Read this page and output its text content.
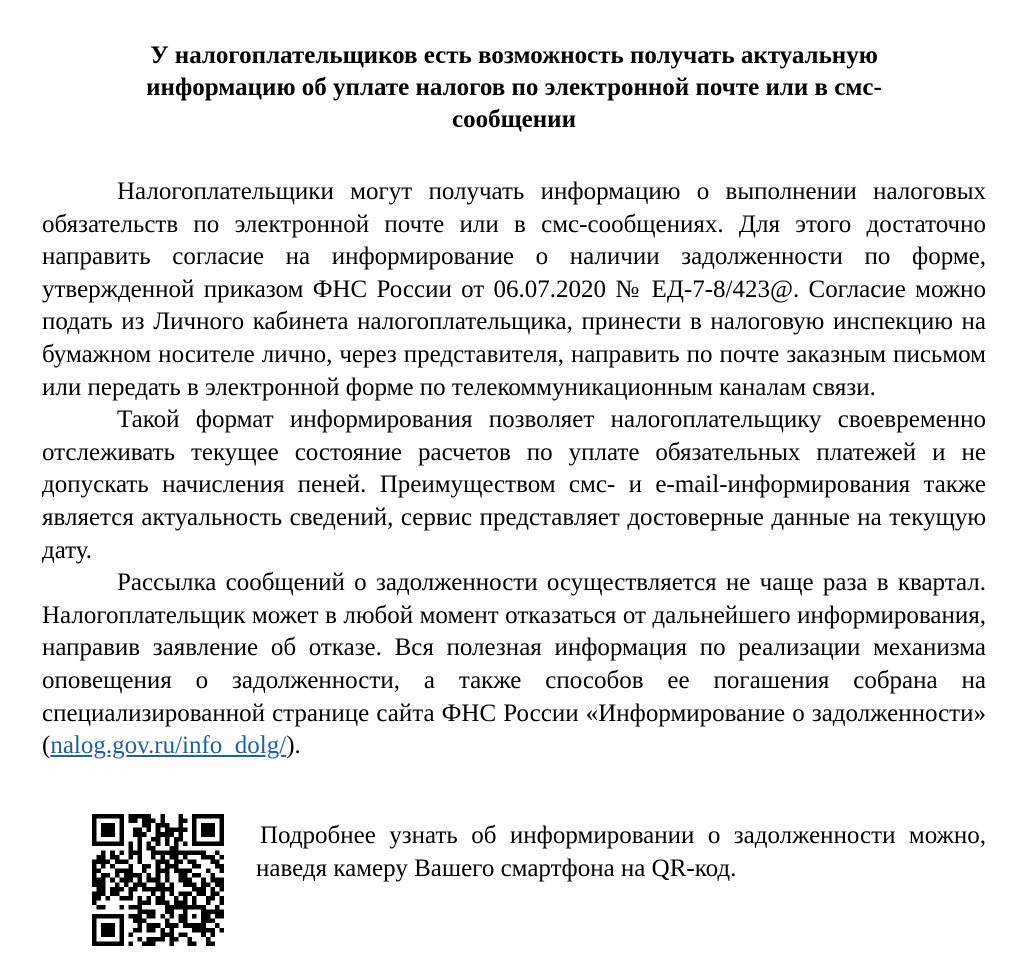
У налогоплательщиков есть возможность получать актуальную информацию об уплате налогов по электронной почте или в смс-сообщении

Налогоплательщики могут получать информацию о выполнении налоговых обязательств по электронной почте или в смс-сообщениях. Для этого достаточно направить согласие на информирование о наличии задолженности по форме, утвержденной приказом ФНС России от 06.07.2020 № ЕД-7-8/423@. Согласие можно подать из Личного кабинета налогоплательщика, принести в налоговую инспекцию на бумажном носителе лично, через представителя, направить по почте заказным письмом или передать в электронной форме по телекоммуникационным каналам связи.

Такой формат информирования позволяет налогоплательщику своевременно отслеживать текущее состояние расчетов по уплате обязательных платежей и не допускать начисления пеней. Преимуществом смс- и e-mail-информирования также является актуальность сведений, сервис представляет достоверные данные на текущую дату.

Рассылка сообщений о задолженности осуществляется не чаще раза в квартал. Налогоплательщик может в любой момент отказаться от дальнейшего информирования, направив заявление об отказе. Вся полезная информация по реализации механизма оповещения о задолженности, а также способов ее погашения собрана на специализированной странице сайта ФНС России «Информирование о задолженности» (nalog.gov.ru/info_dolg/).

Подробнее узнать об информировании о задолженности можно, наведя камеру Вашего смартфона на QR-код.
